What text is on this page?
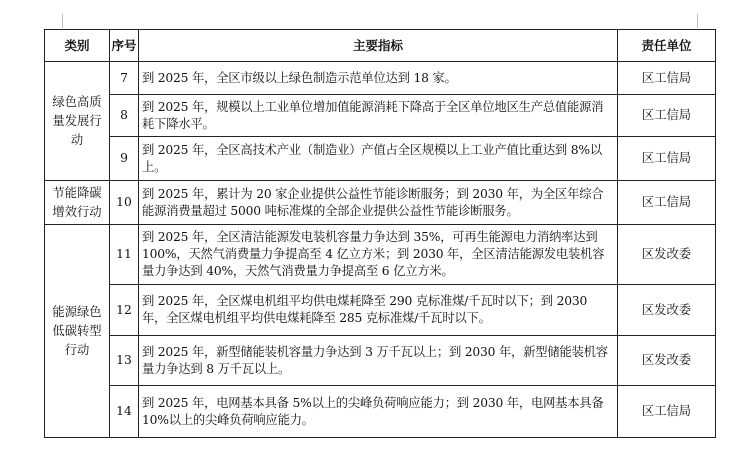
类别	序号	主要指标	责任单位
绿色高质量发展行动	7	到 2025 年，全区市级以上绿色制造示范单位达到 18 家。	区工信局
	8	到 2025 年，规模以上工业单位增加值能源消耗下降高于全区单位地区生产总值能源消耗下降水平。	区工信局
	9	到 2025 年，全区高技术产业（制造业）产值占全区规模以上工业产值比重达到 8%以上。	区工信局
节能降碳增效行动	10	到 2025 年，累计为 20 家企业提供公益性节能诊断服务；到 2030 年，为全区年综合能源消费量超过 5000 吨标准煤的全部企业提供公益性节能诊断服务。	区工信局
能源绿色低碳转型行动	11	到 2025 年，全区清洁能源发电装机容量力争达到 35%，可再生能源电力消纳率达到 100%，天然气消费量力争提高至 4 亿立方米；到 2030 年，全区清洁能源发电装机容量力争达到 40%，天然气消费量力争提高至 6 亿立方米。	区发改委
	12	到 2025 年，全区煤电机组平均供电煤耗降至 290 克标准煤/千瓦时以下；到 2030 年，全区煤电机组平均供电煤耗降至 285 克标准煤/千瓦时以下。	区发改委
	13	到 2025 年，新型储能装机容量力争达到 3 万千瓦以上；到 2030 年，新型储能装机容量力争达到 8 万千瓦以上。	区发改委
	14	到 2025 年，电网基本具备 5%以上的尖峰负荷响应能力；到 2030 年，电网基本具备 10%以上的尖峰负荷响应能力。	区工信局
